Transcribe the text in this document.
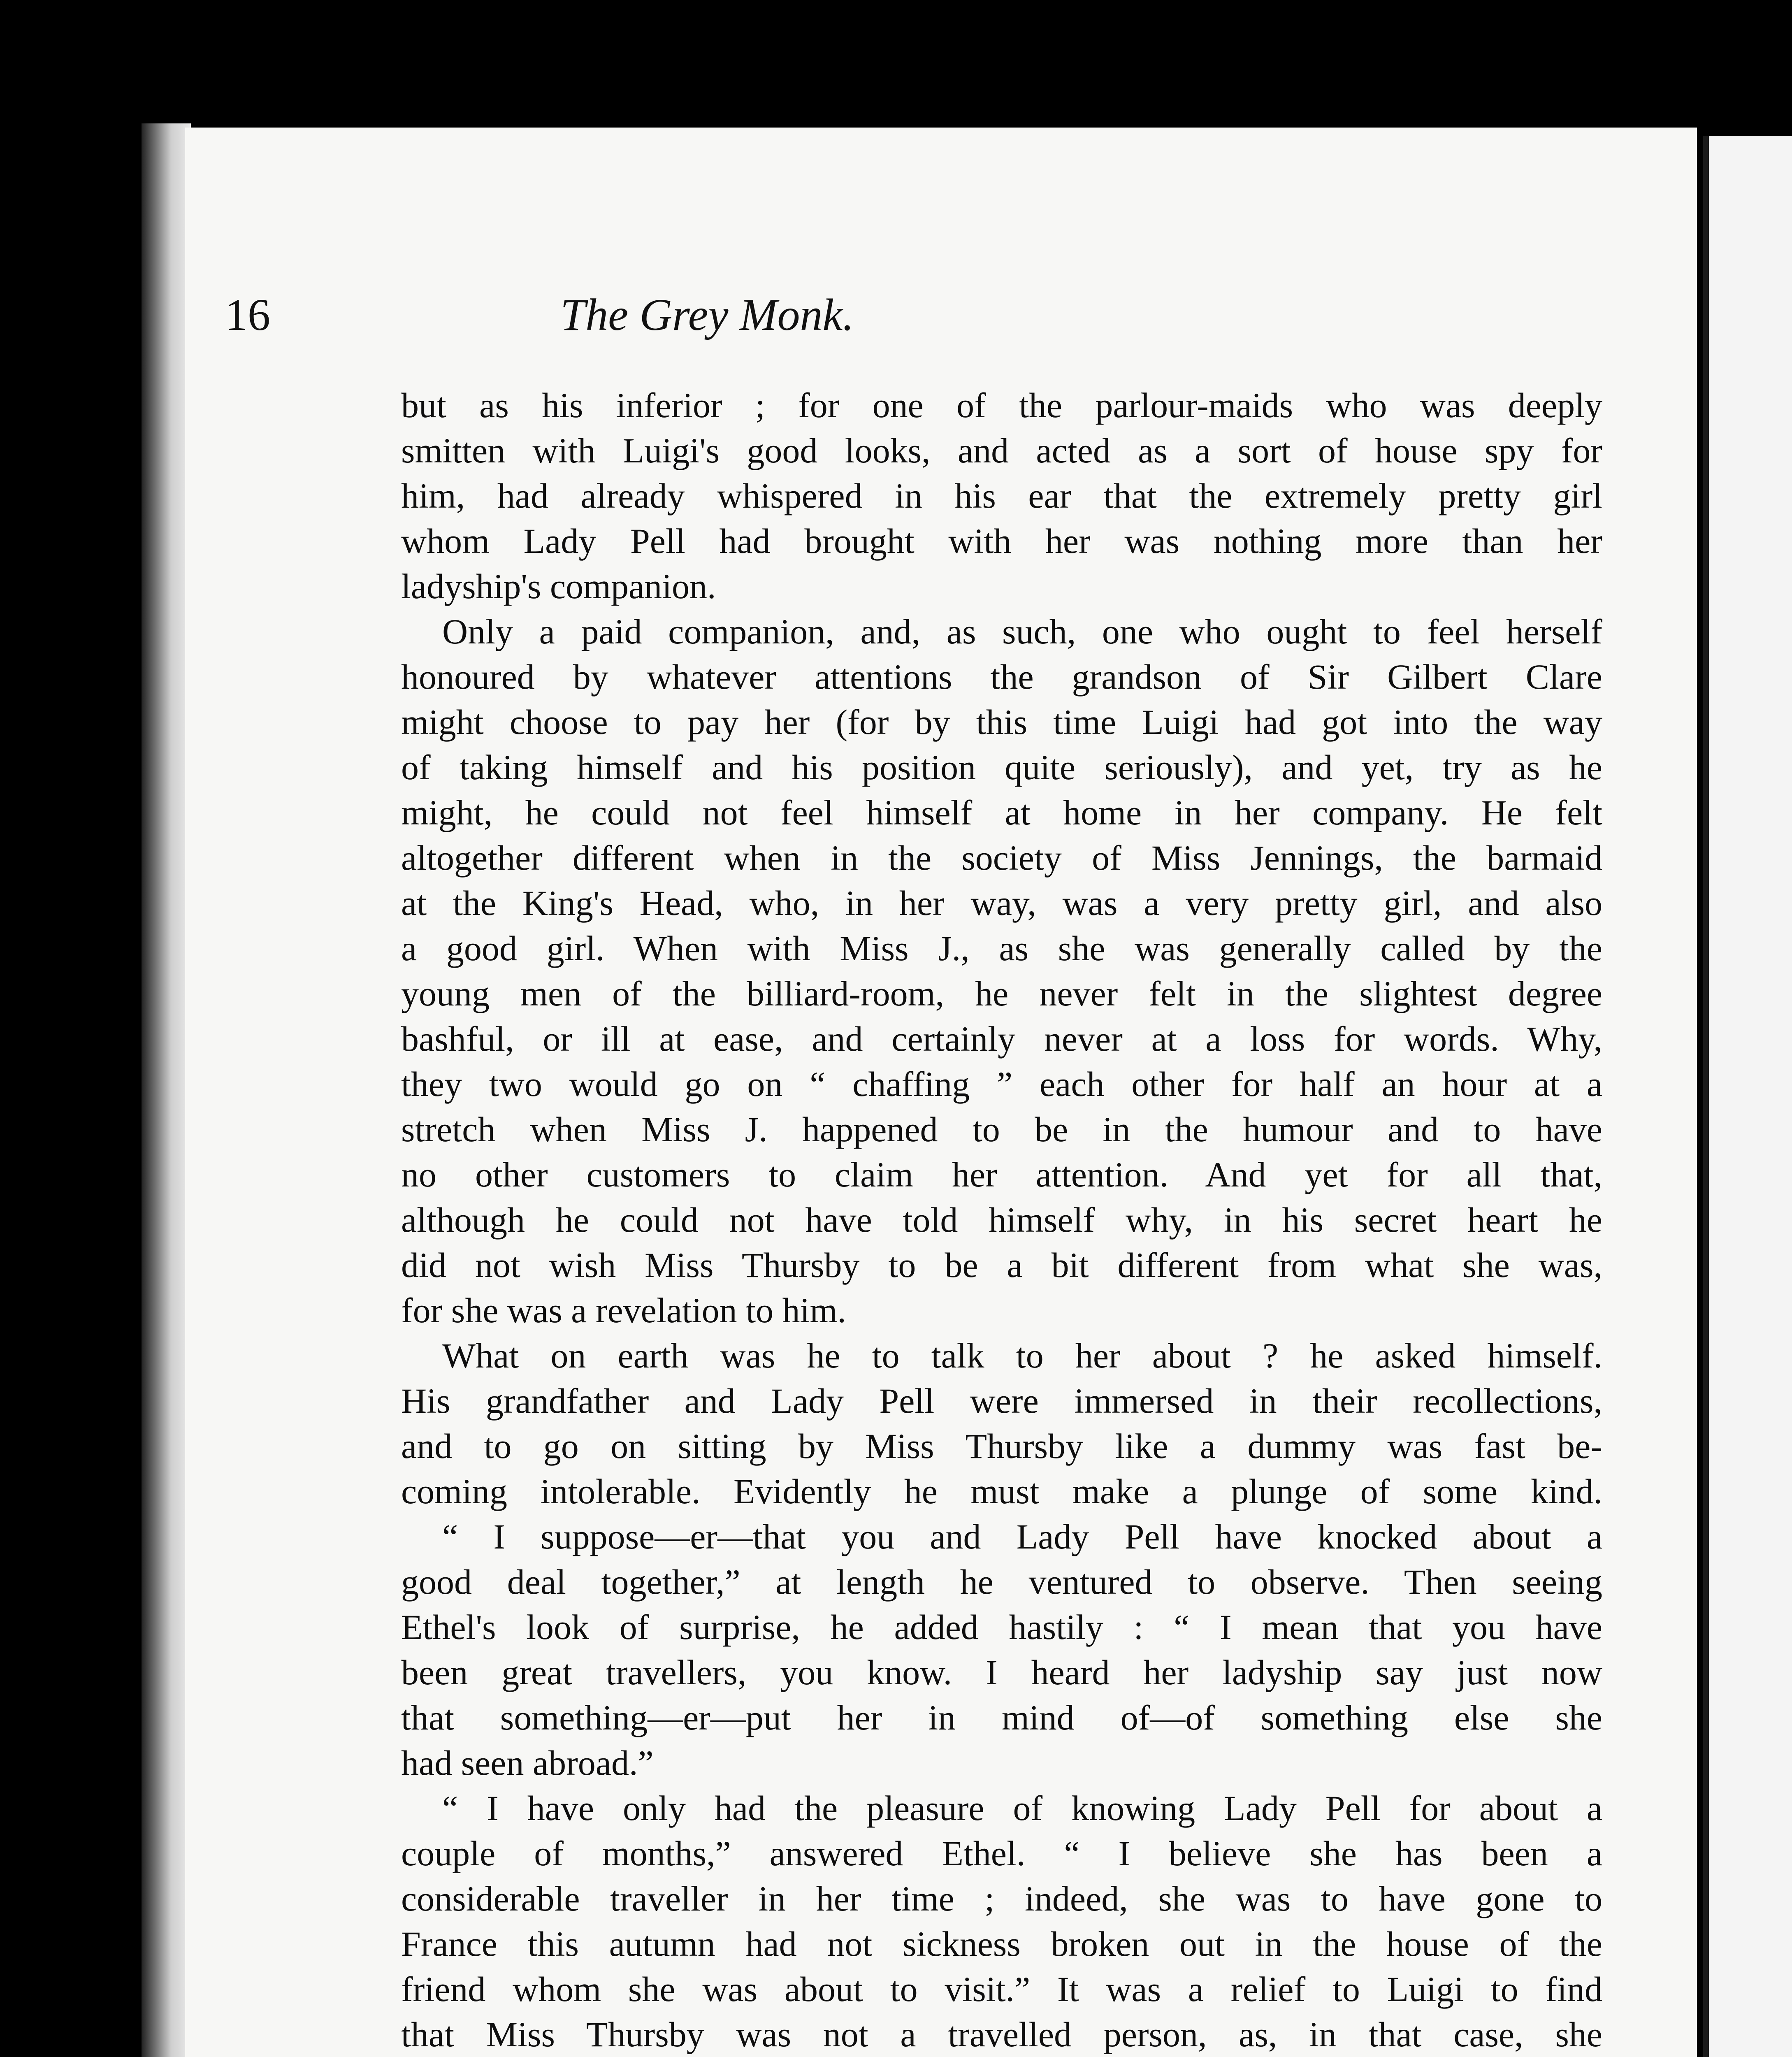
16	The Grey Monk.
but as his inferior ; for one of the parlour-maids who was deeply
smitten with Luigi's good looks, and acted as a sort of house spy for
him, had already whispered in his ear that the extremely pretty girl
whom Lady Pell had brought with her was nothing more than her
ladyship's companion.
Only a paid companion, and, as such, one who ought to feel herself
honoured by whatever attentions the grandson of Sir Gilbert Clare
might choose to pay her (for by this time Luigi had got into the way
of taking himself and his position quite seriously), and yet, try as he
might, he could not feel himself at home in her company. He felt
altogether different when in the society of Miss Jennings, the barmaid
at the King's Head, who, in her way, was a very pretty girl, and also
a good girl. When with Miss J., as she was generally called by the
young men of the billiard-room, he never felt in the slightest degree
bashful, or ill at ease, and certainly never at a loss for words. Why,
they two would go on “ chaffing ” each other for half an hour at a
stretch when Miss J. happened to be in the humour and to have
no other customers to claim her attention. And yet for all that,
although he could not have told himself why, in his secret heart he
did not wish Miss Thursby to be a bit different from what she was,
for she was a revelation to him.
What on earth was he to talk to her about ? he asked himself.
His grandfather and Lady Pell were immersed in their recollections,
and to go on sitting by Miss Thursby like a dummy was fast be-
coming intolerable. Evidently he must make a plunge of some kind.
“ I suppose—er—that you and Lady Pell have knocked about a
good deal together,” at length he ventured to observe. Then seeing
Ethel's look of surprise, he added hastily : “ I mean that you have
been great travellers, you know. I heard her ladyship say just now
that something—er—put her in mind of—of something else she
had seen abroad.”
“ I have only had the pleasure of knowing Lady Pell for about a
couple of months,” answered Ethel. “ I believe she has been a
considerable traveller in her time ; indeed, she was to have gone to
France this autumn had not sickness broken out in the house of the
friend whom she was about to visit.” It was a relief to Luigi to find
that Miss Thursby was not a travelled person, as, in that case, she
